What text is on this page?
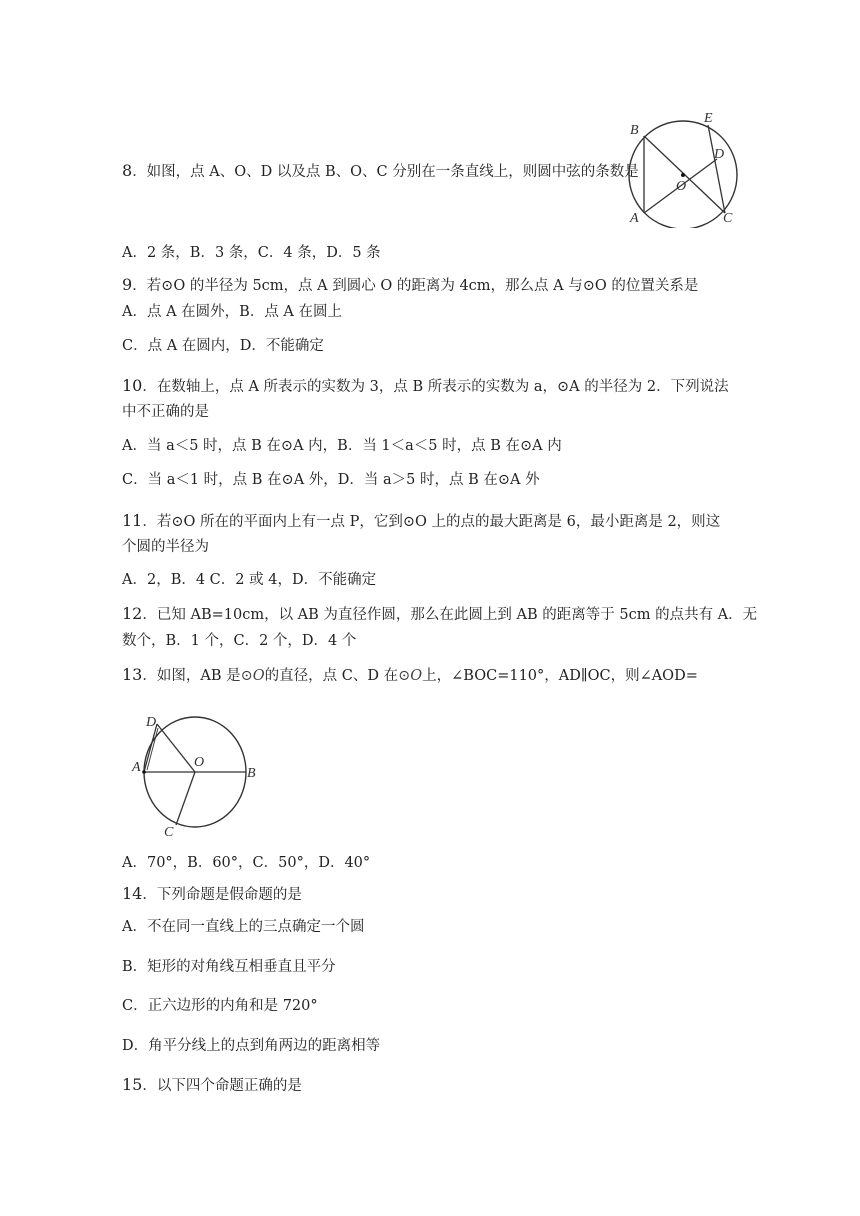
8．如图，点 A、O、D 以及点 B、O、C 分别在一条直线上，则圆中弦的条数是
B
E
D
O
A	C
A．2 条，B．3 条，C．4 条，D．5 条
9．若⊙O 的半径为 5cm，点 A 到圆心 O 的距离为 4cm，那么点 A 与⊙O 的位置关系是
A．点 A 在圆外，B．点 A 在圆上
C．点 A 在圆内，D．不能确定
10．在数轴上，点 A 所表示的实数为 3，点 B 所表示的实数为 a，⊙A 的半径为 2．下列说法
中不正确的是
A．当 a＜5 时，点 B 在⊙A 内，B．当 1＜a＜5 时，点 B 在⊙A 内
C．当 a＜1 时，点 B 在⊙A 外，D．当 a＞5 时，点 B 在⊙A 外
11．若⊙O 所在的平面内上有一点 P，它到⊙O 上的点的最大距离是 6，最小距离是 2，则这
个圆的半径为
A．2，B．4 C．2 或 4，D．不能确定
12．已知 AB=10cm，以 AB 为直径作圆，那么在此圆上到 AB 的距离等于 5cm 的点共有 A．无
数个，B．1 个，C．2 个，D．4 个
13．如图，AB 是⊙O的直径，点 C、D 在⊙O上，∠BOC=110°，AD∥OC，则∠AOD=
D
A	O
B
C
A．70°，B．60°，C．50°，D．40°
14．下列命题是假命题的是
A．不在同一直线上的三点确定一个圆
B．矩形的对角线互相垂直且平分
C．正六边形的内角和是 720°
D．角平分线上的点到角两边的距离相等
15．以下四个命题正确的是
